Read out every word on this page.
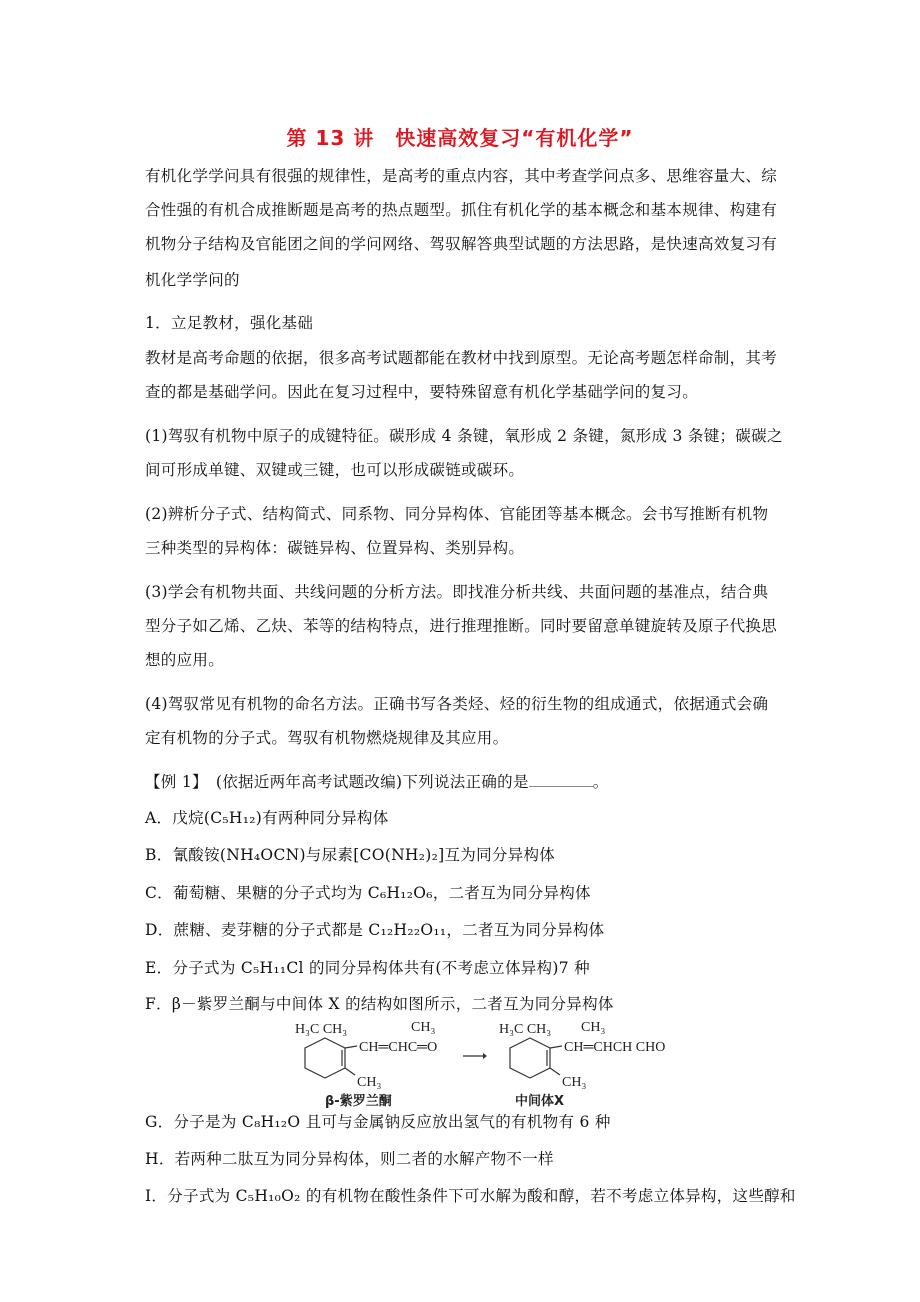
第 13 讲　快速高效复习“有机化学”
有机化学学问具有很强的规律性，是高考的重点内容，其中考查学问点多、思维容量大、综
合性强的有机合成推断题是高考的热点题型。抓住有机化学的基本概念和基本规律、构建有
机物分子结构及官能团之间的学问网络、驾驭解答典型试题的方法思路，是快速高效复习有
机化学学问的
1．立足教材，强化基础
教材是高考命题的依据，很多高考试题都能在教材中找到原型。无论高考题怎样命制，其考
查的都是基础学问。因此在复习过程中，要特殊留意有机化学基础学问的复习。
(1)驾驭有机物中原子的成键特征。碳形成 4 条键，氧形成 2 条键，氮形成 3 条键；碳碳之
间可形成单键、双键或三键，也可以形成碳链或碳环。
(2)辨析分子式、结构简式、同系物、同分异构体、官能团等基本概念。会书写推断有机物
三种类型的异构体：碳链异构、位置异构、类别异构。
(3)学会有机物共面、共线问题的分析方法。即找准分析共线、共面问题的基准点，结合典
型分子如乙烯、乙炔、苯等的结构特点，进行推理推断。同时要留意单键旋转及原子代换思
想的应用。
(4)驾驭常见有机物的命名方法。正确书写各类烃、烃的衍生物的组成通式，依据通式会确
定有机物的分子式。驾驭有机物燃烧规律及其应用。
【例 1】　(依据近两年高考试题改编)下列说法正确的是	。
A．戊烷(C₅H₁₂)有两种同分异构体
B．氰酸铵(NH₄OCN)与尿素[CO(NH₂)₂]互为同分异构体
C．葡萄糖、果糖的分子式均为 C₆H₁₂O₆，二者互为同分异构体
D．蔗糖、麦芽糖的分子式都是 C₁₂H₂₂O₁₁，二者互为同分异构体
E．分子式为 C₅H₁₁Cl 的同分异构体共有(不考虑立体异构)7 种
F．β－紫罗兰酮与中间体 X 的结构如图所示，二者互为同分异构体
H₃C CH₃	CH₃
CH═CHC═O
CH₃
β-紫罗兰酮
H₃C CH₃ CH₃
CH═CHCH CHO
CH₃
中间体X
G．分子是为 C₈H₁₂O 且可与金属钠反应放出氢气的有机物有 6 种
H．若两种二肽互为同分异构体，则二者的水解产物不一样
I．分子式为 C₅H₁₀O₂ 的有机物在酸性条件下可水解为酸和醇，若不考虑立体异构，这些醇和
